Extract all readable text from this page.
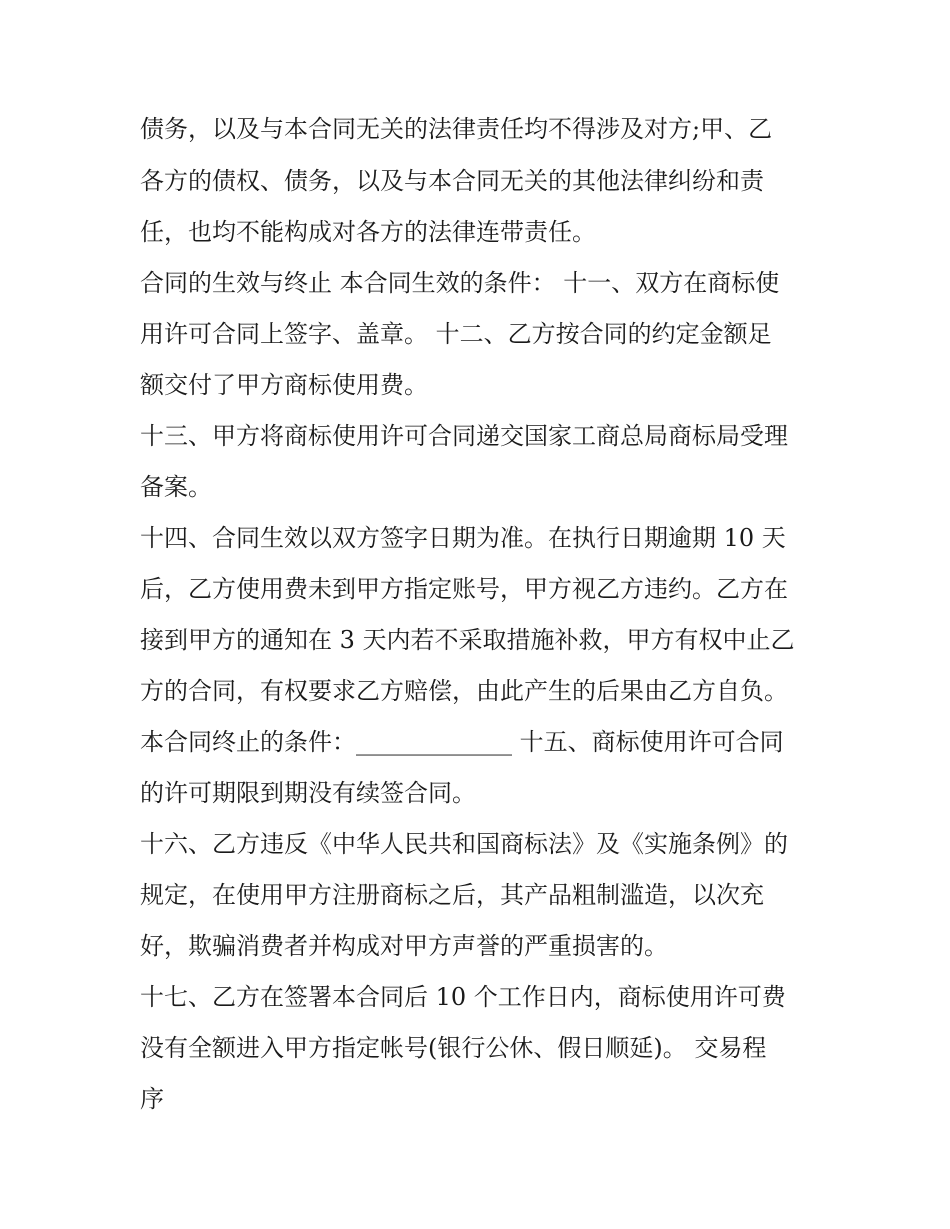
债务，以及与本合同无关的法律责任均不得涉及对方;甲、乙
各方的债权、债务，以及与本合同无关的其他法律纠纷和责
任，也均不能构成对各方的法律连带责任。
合同的生效与终止 本合同生效的条件： 十一、双方在商标使
用许可合同上签字、盖章。 十二、乙方按合同的约定金额足
额交付了甲方商标使用费。
十三、甲方将商标使用许可合同递交国家工商总局商标局受理
备案。
十四、合同生效以双方签字日期为准。在执行日期逾期 10 天
后，乙方使用费未到甲方指定账号，甲方视乙方违约。乙方在
接到甲方的通知在 3 天内若不采取措施补救，甲方有权中止乙
方的合同，有权要求乙方赔偿，由此产生的后果由乙方自负。
本合同终止的条件：_____________ 十五、商标使用许可合同
的许可期限到期没有续签合同。
十六、乙方违反《中华人民共和国商标法》及《实施条例》的
规定，在使用甲方注册商标之后，其产品粗制滥造，以次充
好，欺骗消费者并构成对甲方声誉的严重损害的。
十七、乙方在签署本合同后 10 个工作日内，商标使用许可费
没有全额进入甲方指定帐号(银行公休、假日顺延)。 交易程
序
